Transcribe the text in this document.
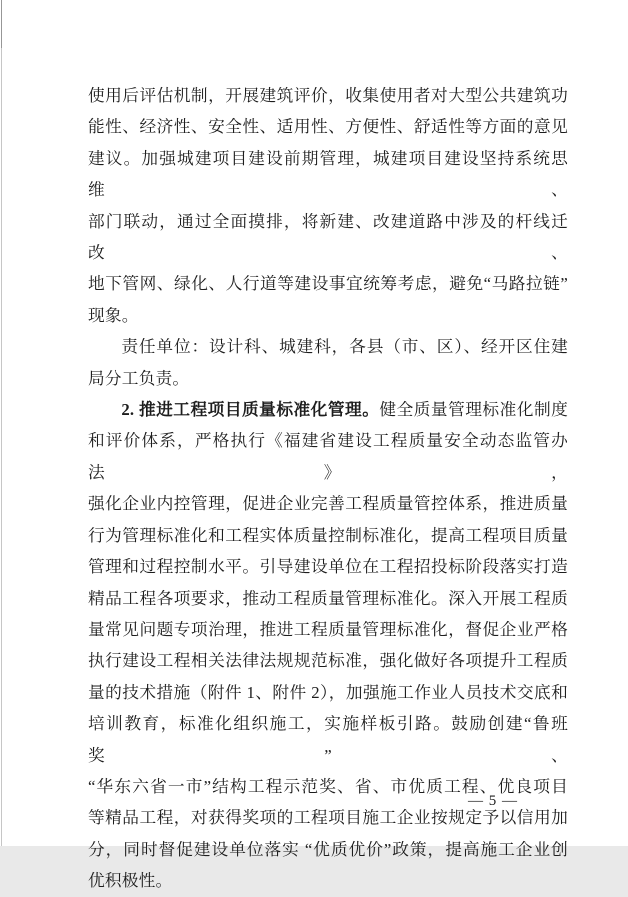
使用后评估机制，开展建筑评价，收集使用者对大型公共建筑功
能性、经济性、安全性、适用性、方便性、舒适性等方面的意见
建议。加强城建项目建设前期管理，城建项目建设坚持系统思维、
部门联动，通过全面摸排，将新建、改建道路中涉及的杆线迁改、
地下管网、绿化、人行道等建设事宜统筹考虑，避免“马路拉链”
现象。
责任单位：设计科、城建科，各县（市、区）、经开区住建
局分工负责。
2. 推进工程项目质量标准化管理。健全质量管理标准化制度
和评价体系，严格执行《福建省建设工程质量安全动态监管办法》，
强化企业内控管理，促进企业完善工程质量管控体系，推进质量
行为管理标准化和工程实体质量控制标准化，提高工程项目质量
管理和过程控制水平。引导建设单位在工程招投标阶段落实打造
精品工程各项要求，推动工程质量管理标准化。深入开展工程质
量常见问题专项治理，推进工程质量管理标准化，督促企业严格
执行建设工程相关法律法规规范标准，强化做好各项提升工程质
量的技术措施（附件 1、附件 2），加强施工作业人员技术交底和
培训教育，标准化组织施工，实施样板引路。鼓励创建“鲁班奖”、
“华东六省一市”结构工程示范奖、省、市优质工程、优良项目
等精品工程，对获得奖项的工程项目施工企业按规定予以信用加
分，同时督促建设单位落实 “优质优价”政策，提高施工企业创
优积极性。
— 5 —
